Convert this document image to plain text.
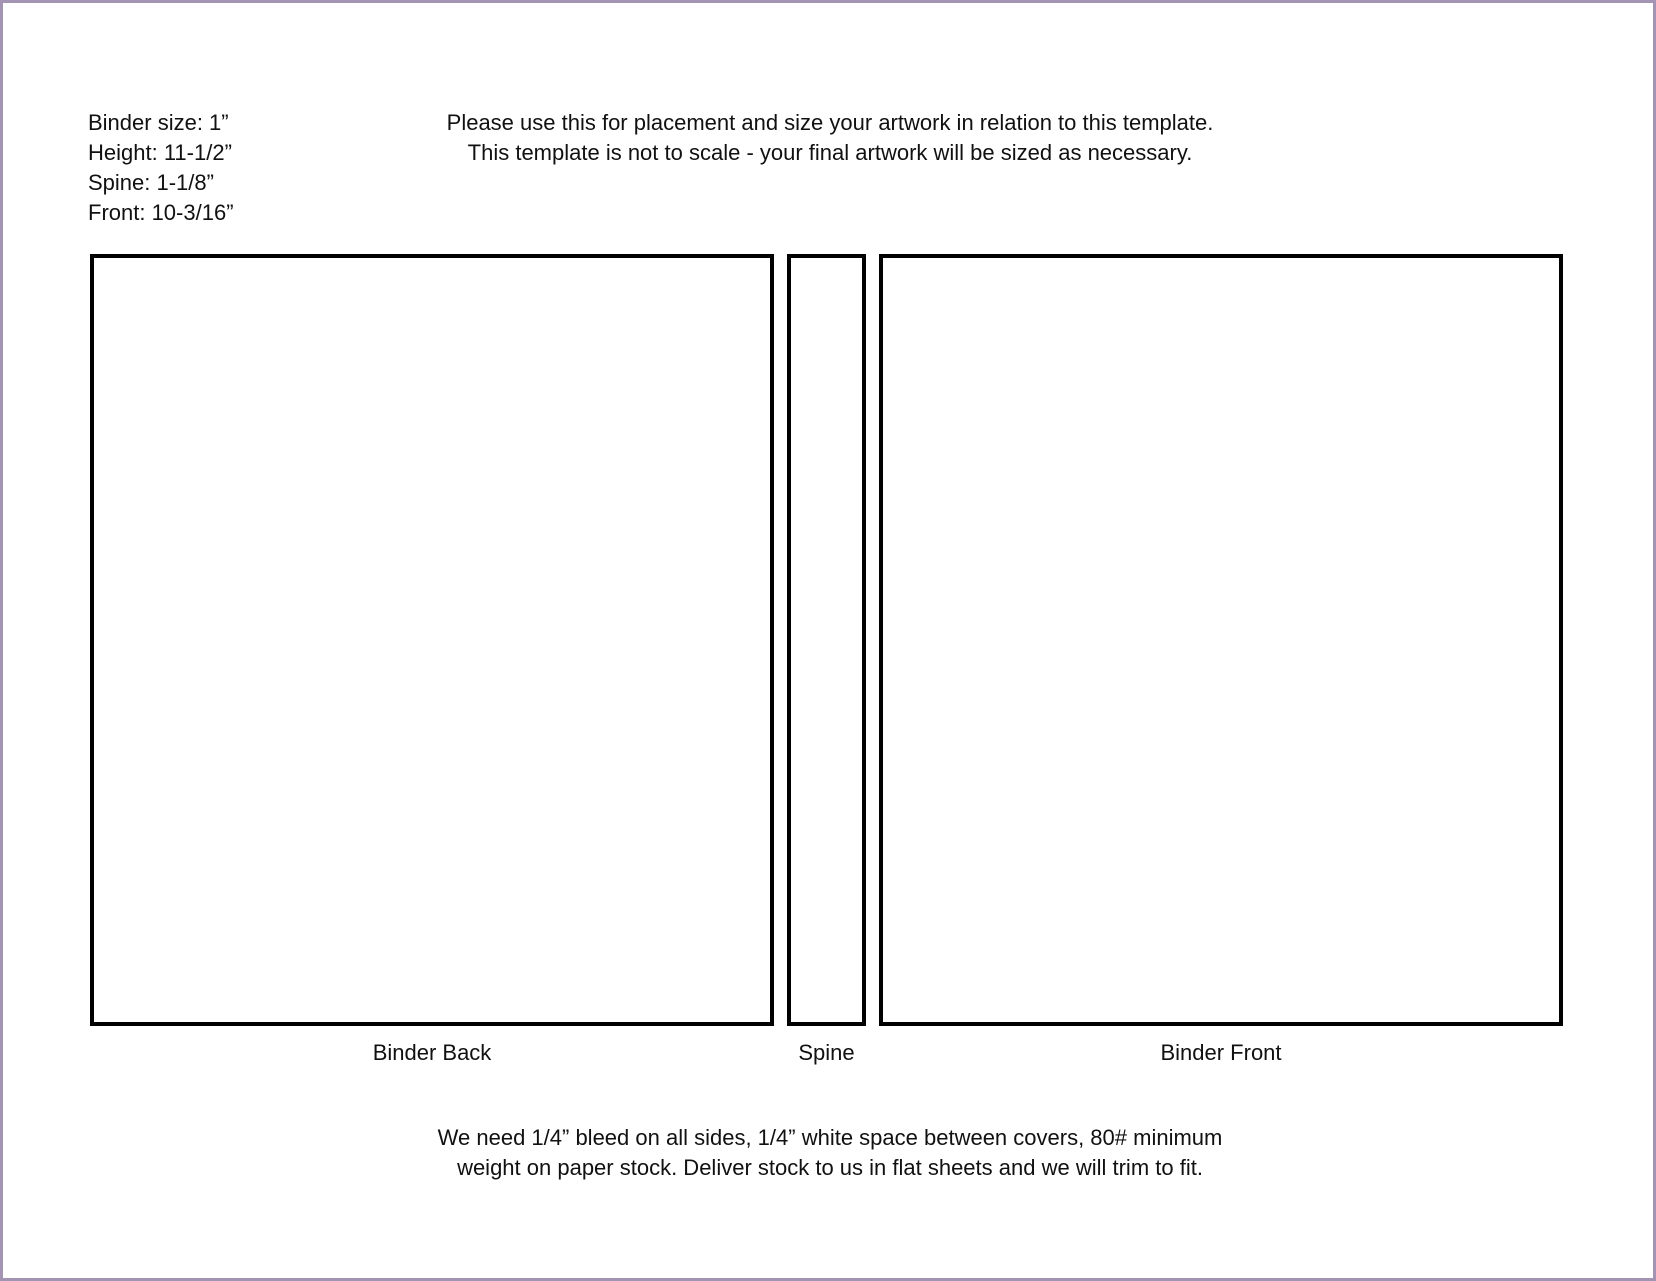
Binder size: 1”
Height: 11-1/2”
Spine: 1-1/8”
Front: 10-3/16”
Please use this for placement and size your artwork in relation to this template.
This template is not to scale - your final artwork will be sized as necessary.
Binder Back	Spine	Binder Front
We need 1/4” bleed on all sides, 1/4” white space between covers, 80# minimum
weight on paper stock. Deliver stock to us in flat sheets and we will trim to fit.
